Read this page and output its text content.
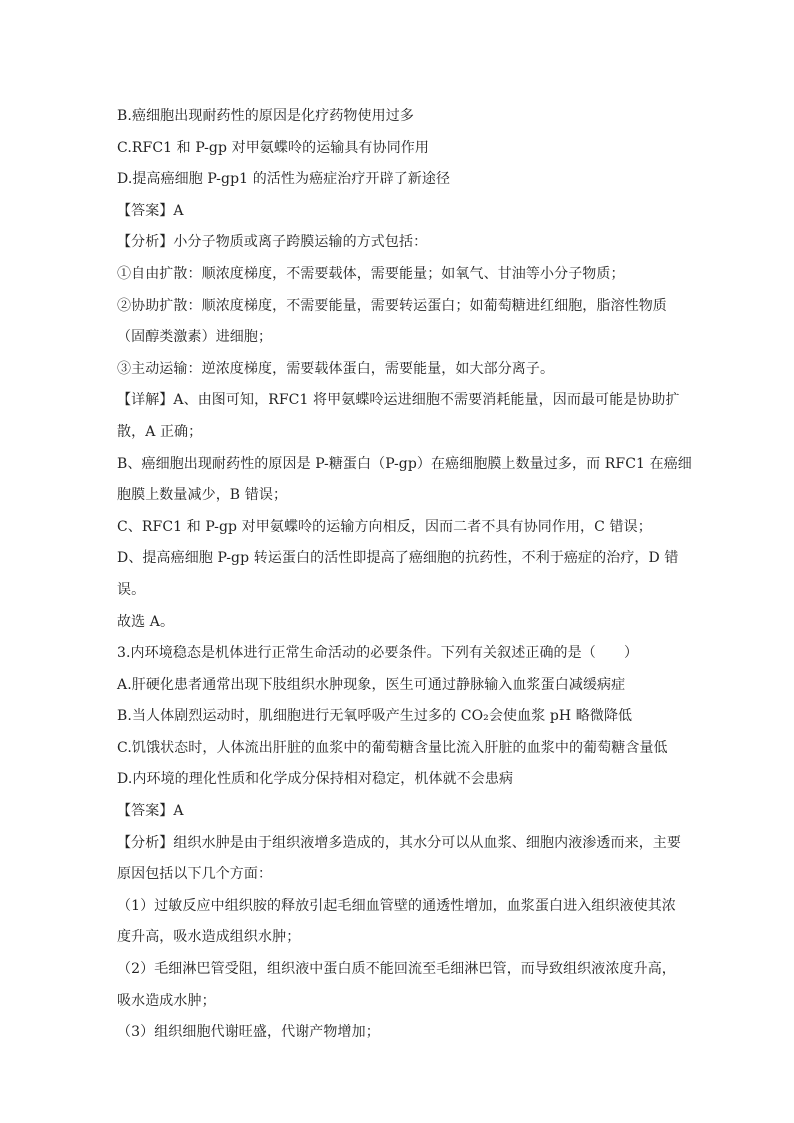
B.癌细胞出现耐药性的原因是化疗药物使用过多
C.RFC1 和 P-gp 对甲氨蝶呤的运输具有协同作用
D.提高癌细胞 P-gp1 的活性为癌症治疗开辟了新途径
【答案】A
【分析】小分子物质或离子跨膜运输的方式包括：
①自由扩散：顺浓度梯度，不需要载体，需要能量；如氧气、甘油等小分子物质；
②协助扩散：顺浓度梯度，不需要能量，需要转运蛋白；如葡萄糖进红细胞，脂溶性物质
（固醇类激素）进细胞；
③主动运输：逆浓度梯度，需要载体蛋白，需要能量，如大部分离子。
【详解】A、由图可知，RFC1 将甲氨蝶呤运进细胞不需要消耗能量，因而最可能是协助扩
散，A 正确；
B、癌细胞出现耐药性的原因是 P-糖蛋白（P-gp）在癌细胞膜上数量过多，而 RFC1 在癌细
胞膜上数量减少，B 错误；
C、RFC1 和 P-gp 对甲氨蝶呤的运输方向相反，因而二者不具有协同作用，C 错误；
D、提高癌细胞 P-gp 转运蛋白的活性即提高了癌细胞的抗药性，不利于癌症的治疗，D 错
误。
故选 A。
3.内环境稳态是机体进行正常生命活动的必要条件。下列有关叙述正确的是（　　）
A.肝硬化患者通常出现下肢组织水肿现象，医生可通过静脉输入血浆蛋白减缓病症
B.当人体剧烈运动时，肌细胞进行无氧呼吸产生过多的 CO₂会使血浆 pH 略微降低
C.饥饿状态时，人体流出肝脏的血浆中的葡萄糖含量比流入肝脏的血浆中的葡萄糖含量低
D.内环境的理化性质和化学成分保持相对稳定，机体就不会患病
【答案】A
【分析】组织水肿是由于组织液增多造成的，其水分可以从血浆、细胞内液渗透而来，主要
原因包括以下几个方面：
（1）过敏反应中组织胺的释放引起毛细血管壁的通透性增加，血浆蛋白进入组织液使其浓
度升高，吸水造成组织水肿；
（2）毛细淋巴管受阻，组织液中蛋白质不能回流至毛细淋巴管，而导致组织液浓度升高，
吸水造成水肿；
（3）组织细胞代谢旺盛，代谢产物增加；
